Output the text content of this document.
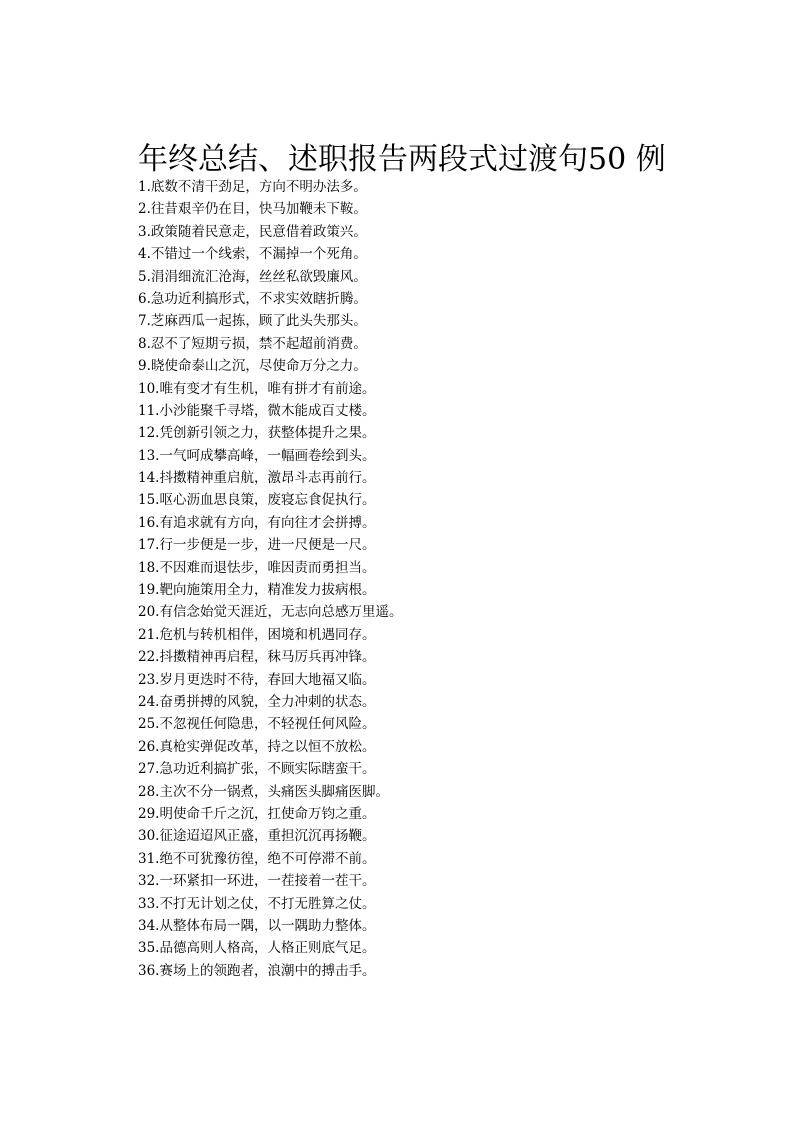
年终总结、述职报告两段式过渡句50 例
1.底数不清干劲足，方向不明办法多。
2.往昔艰辛仍在目，快马加鞭未下鞍。
3.政策随着民意走，民意借着政策兴。
4.不错过一个线索，不漏掉一个死角。
5.涓涓细流汇沧海，丝丝私欲毁廉风。
6.急功近利搞形式，不求实效瞎折腾。
7.芝麻西瓜一起拣，顾了此头失那头。
8.忍不了短期亏损，禁不起超前消费。
9.晓使命泰山之沉，尽使命万分之力。
10.唯有变才有生机，唯有拼才有前途。
11.小沙能聚千寻塔，微木能成百丈楼。
12.凭创新引领之力，获整体提升之果。
13.一气呵成攀高峰，一幅画卷绘到头。
14.抖擞精神重启航，激昂斗志再前行。
15.呕心沥血思良策，废寝忘食促执行。
16.有追求就有方向，有向往才会拼搏。
17.行一步便是一步，进一尺便是一尺。
18.不因难而退怯步，唯因责而勇担当。
19.靶向施策用全力，精准发力拔病根。
20.有信念始觉天涯近，无志向总感万里遥。
21.危机与转机相伴，困境和机遇同存。
22.抖擞精神再启程，秣马厉兵再冲锋。
23.岁月更迭时不待，春回大地福又临。
24.奋勇拼搏的风貌，全力冲刺的状态。
25.不忽视任何隐患，不轻视任何风险。
26.真枪实弹促改革，持之以恒不放松。
27.急功近利搞扩张，不顾实际瞎蛮干。
28.主次不分一锅煮，头痛医头脚痛医脚。
29.明使命千斤之沉，扛使命万钧之重。
30.征途迢迢风正盛，重担沉沉再扬鞭。
31.绝不可犹豫彷徨，绝不可停滞不前。
32.一环紧扣一环进，一茬接着一茬干。
33.不打无计划之仗，不打无胜算之仗。
34.从整体布局一隅，以一隅助力整体。
35.品德高则人格高，人格正则底气足。
36.赛场上的领跑者，浪潮中的搏击手。
